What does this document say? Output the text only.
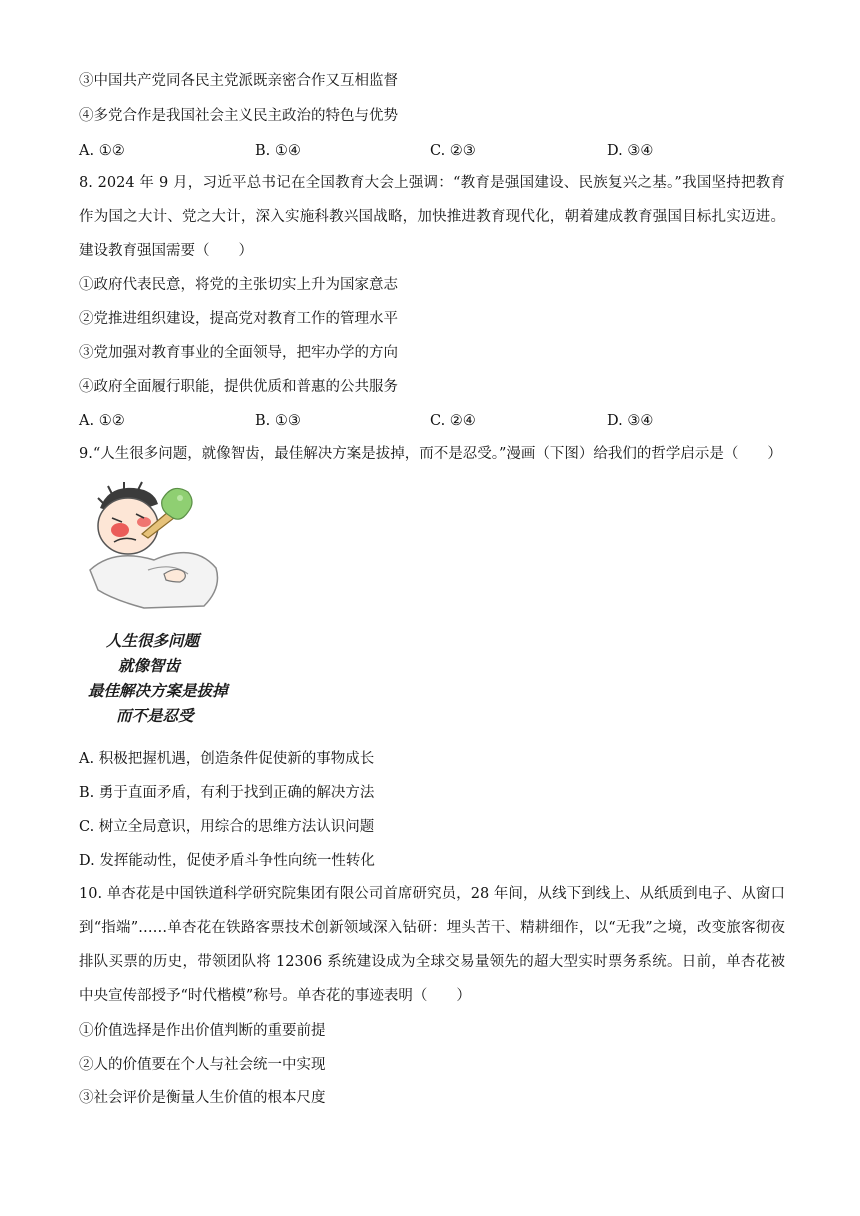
③中国共产党同各民主党派既亲密合作又互相监督
④多党合作是我国社会主义民主政治的特色与优势
A. ①②	B. ①④	C. ②③	D. ③④
8. 2024 年 9 月，习近平总书记在全国教育大会上强调：“教育是强国建设、民族复兴之基。”我国坚持把教育作为国之大计、党之大计，深入实施科教兴国战略，加快推进教育现代化，朝着建成教育强国目标扎实迈进。建设教育强国需要（　　）
①政府代表民意，将党的主张切实上升为国家意志
②党推进组织建设，提高党对教育工作的管理水平
③党加强对教育事业的全面领导，把牢办学的方向
④政府全面履行职能，提供优质和普惠的公共服务
A. ①②	B. ①③	C. ②④	D. ③④
9.“人生很多问题，就像智齿，最佳解决方案是拔掉，而不是忍受。”漫画（下图）给我们的哲学启示是（　　）
人生很多问题
就像智齿
最佳解决方案是拔掉
而不是忍受
A. 积极把握机遇，创造条件促使新的事物成长
B. 勇于直面矛盾，有利于找到正确的解决方法
C. 树立全局意识，用综合的思维方法认识问题
D. 发挥能动性，促使矛盾斗争性向统一性转化
10. 单杏花是中国铁道科学研究院集团有限公司首席研究员，28 年间，从线下到线上、从纸质到电子、从窗口到“指端”……单杏花在铁路客票技术创新领域深入钻研：埋头苦干、精耕细作，以“无我”之境，改变旅客彻夜排队买票的历史，带领团队将 12306 系统建设成为全球交易量领先的超大型实时票务系统。日前，单杏花被中央宣传部授予“时代楷模”称号。单杏花的事迹表明（　　）
①价值选择是作出价值判断的重要前提
②人的价值要在个人与社会统一中实现
③社会评价是衡量人生价值的根本尺度
